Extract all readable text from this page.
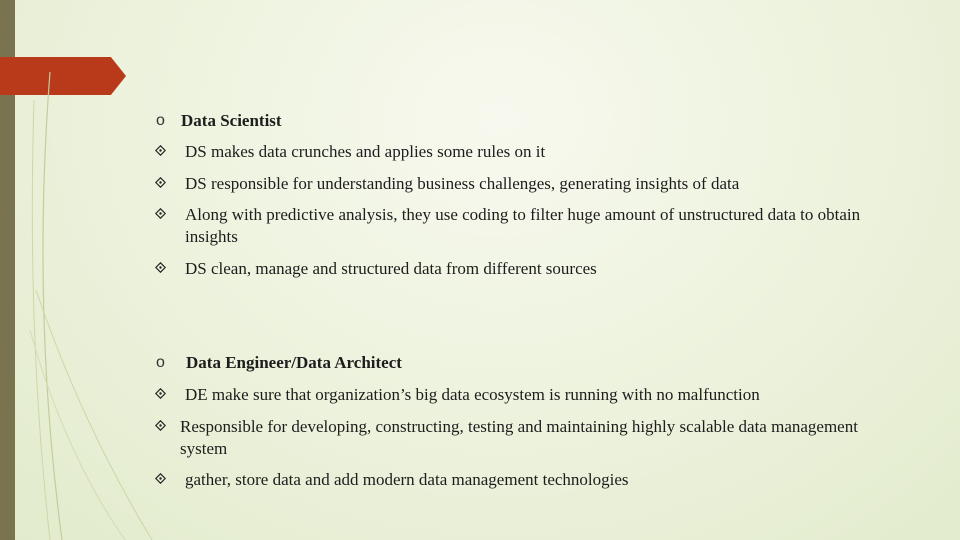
o Data Scientist
DS makes data crunches and applies some rules on it
DS responsible for understanding business challenges, generating insights of data
Along with predictive analysis, they use coding to filter huge amount of unstructured data to obtain insights
DS clean, manage and structured data from different sources
o	Data Engineer/Data Architect
DE make sure that organization’s big data ecosystem is running with no malfunction
Responsible for developing, constructing, testing and maintaining highly scalable data management system
gather, store data and add modern data management technologies
